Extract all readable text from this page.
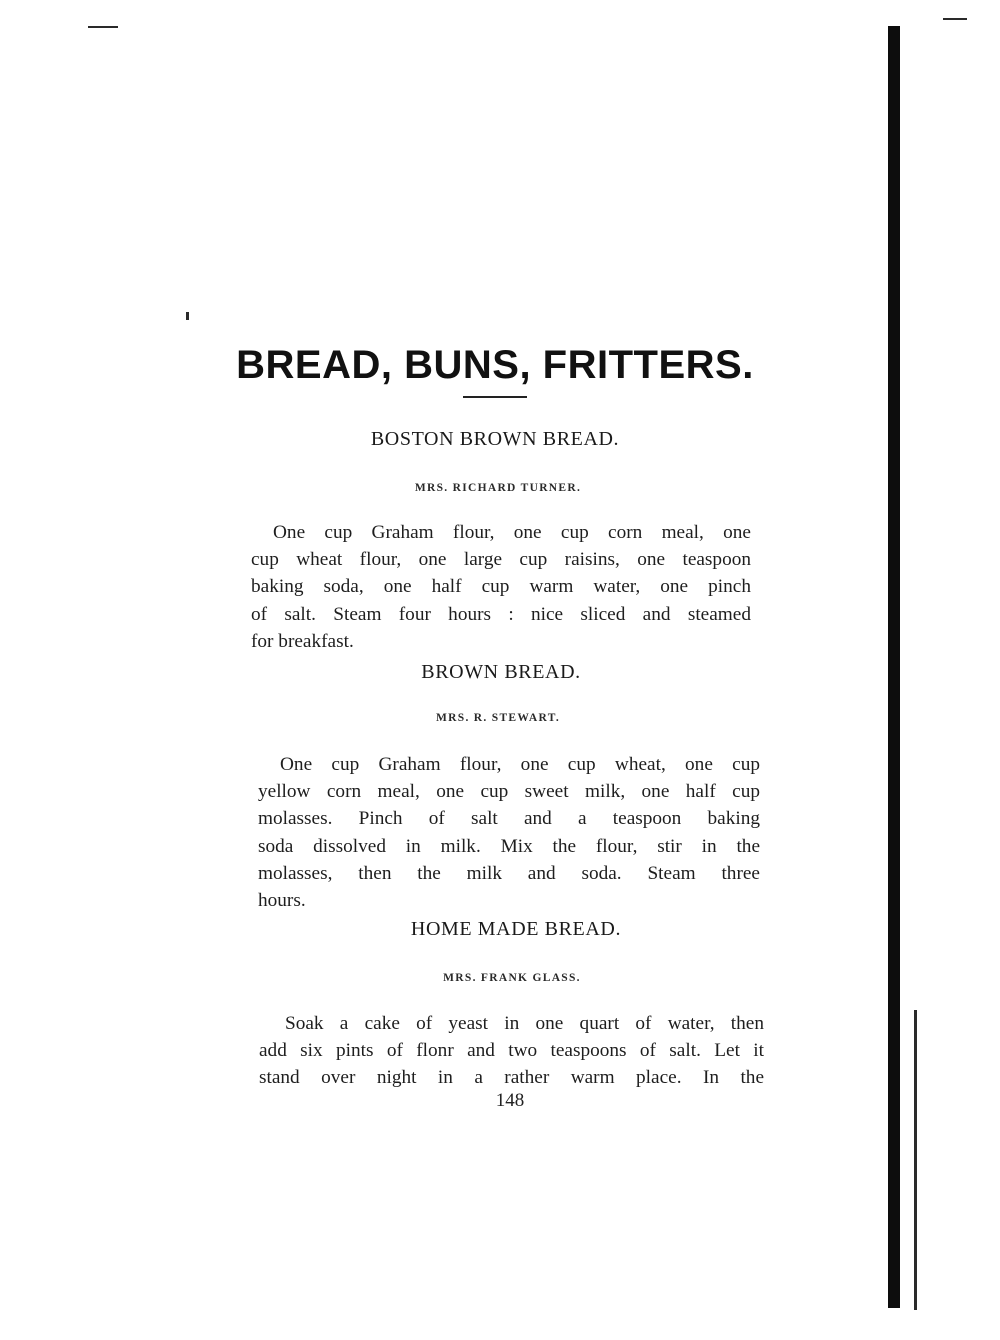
BREAD, BUNS, FRITTERS.
BOSTON BROWN BREAD.
MRS. RICHARD TURNER.

One cup Graham flour, one cup corn meal, one
cup wheat flour, one large cup raisins, one teaspoon
baking soda, one half cup warm water, one pinch
of salt. Steam four hours : nice sliced and steamed
for breakfast.

BROWN BREAD.
MRS. R. STEWART.

One cup Graham flour, one cup wheat, one cup
yellow corn meal, one cup sweet milk, one half cup
molasses. Pinch of salt and a teaspoon baking
soda dissolved in milk. Mix the flour, stir in the
molasses, then the milk and soda. Steam three
hours.

HOME MADE BREAD.
MRS. FRANK GLASS.

Soak a cake of yeast in one quart of water, then
add six pints of flonr and two teaspoons of salt. Let it
stand over night in a rather warm place. In the

148
